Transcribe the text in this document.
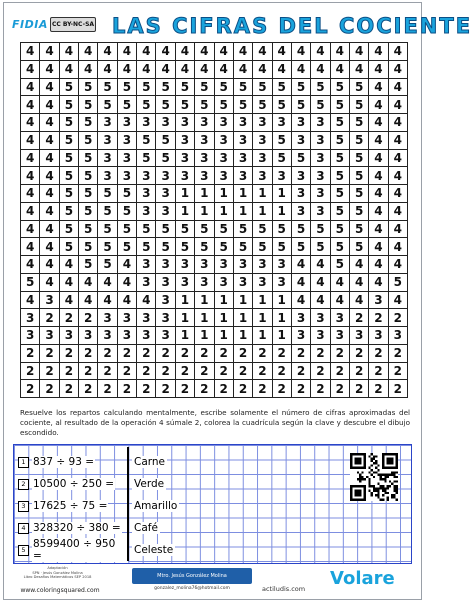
FIDIA CC BY-NC-SA LAS CIFRAS DEL COCIENTE
4 4 4 4 4 4 4 4 4 4 4 4 4 4 4 4 4 4 4 4
4 4 4 4 4 4 4 4 4 4 4 4 4 4 4 4 4 4 4 4
4 4 5 5 5 5 5 5 5 5 5 5 5 5 5 5 5 5 4 4
4 4 5 5 5 5 5 5 5 5 5 5 5 5 5 5 5 5 4 4
4 4 5 5 3 3 3 3 3 3 3 3 3 3 3 3 5 5 4 4
4 4 5 5 3 3 5 5 3 3 3 3 3 5 3 3 5 5 4 4
4 4 5 5 3 3 5 5 3 3 3 3 3 5 5 3 5 5 4 4
4 4 5 5 3 3 3 3 3 3 3 3 3 3 3 3 5 5 4 4
4 4 5 5 5 5 3 3 1 1 1 1 1 1 3 3 5 5 4 4
4 4 5 5 5 5 3 3 1 1 1 1 1 1 3 3 5 5 4 4
4 4 5 5 5 5 5 5 5 5 5 5 5 5 5 5 5 5 4 4
4 4 5 5 5 5 5 5 5 5 5 5 5 5 5 5 5 5 4 4
4 4 4 5 5 4 3 3 3 3 3 3 3 3 4 4 5 4 4 4
5 4 4 4 4 4 3 3 3 3 3 3 3 3 4 4 4 4 4 5
4 3 4 4 4 4 4 3 1 1 1 1 1 1 4 4 4 4 3 4
3 2 2 2 3 3 3 3 1 1 1 1 1 1 3 3 3 2 2 2
3 3 3 3 3 3 3 3 1 1 1 1 1 1 3 3 3 3 3 3
2 2 2 2 2 2 2 2 2 2 2 2 2 2 2 2 2 2 2 2
2 2 2 2 2 2 2 2 2 2 2 2 2 2 2 2 2 2 2 2
2 2 2 2 2 2 2 2 2 2 2 2 2 2 2 2 2 2 2 2
Resuelve los repartos calculando mentalmente, escribe solamente el número de cifras aproximadas del cociente, al resultado de la operación 4 súmale 2, colorea la cuadrícula según la clave y descubre el dibujo escondido.
1 837 ÷ 93 =
2 10500 ÷ 250 =
3 17625 ÷ 75 =
4 328320 ÷ 380 =
5 8599400 ÷ 950 =
Carne
Verde
Amarillo
Café
Celeste
Adaptación
SPN · Jesús González Molina
Libro Desafíos Matemáticos SEP 2018
www.coloringsquared.com
Mtro. Jesús González Molina
gonzalez_molina76@hotmail.com	actiludis.com Volare
